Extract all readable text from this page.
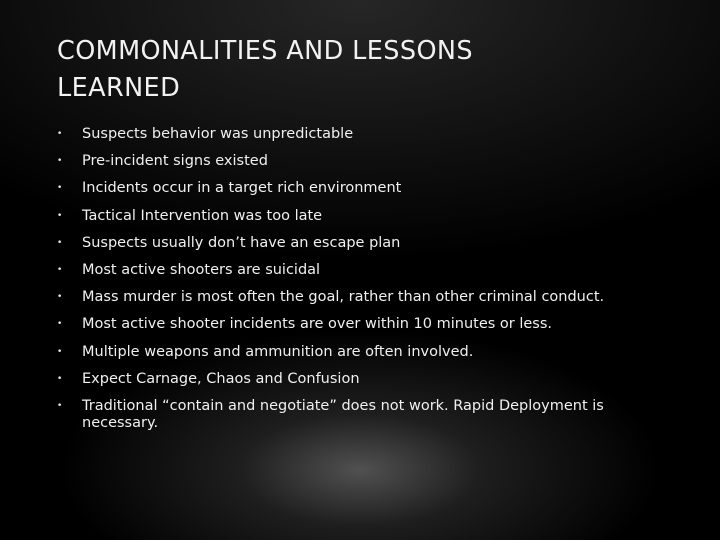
COMMONALITIES AND LESSONS
LEARNED
• Suspects behavior was unpredictable
• Pre-incident signs existed
• Incidents occur in a target rich environment
• Tactical Intervention was too late
• Suspects usually don’t have an escape plan
• Most active shooters are suicidal
• Mass murder is most often the goal, rather than other criminal conduct.
• Most active shooter incidents are over within 10 minutes or less.
• Multiple weapons and ammunition are often involved.
• Expect Carnage, Chaos and Confusion
• Traditional “contain and negotiate” does not work. Rapid Deployment is necessary.
